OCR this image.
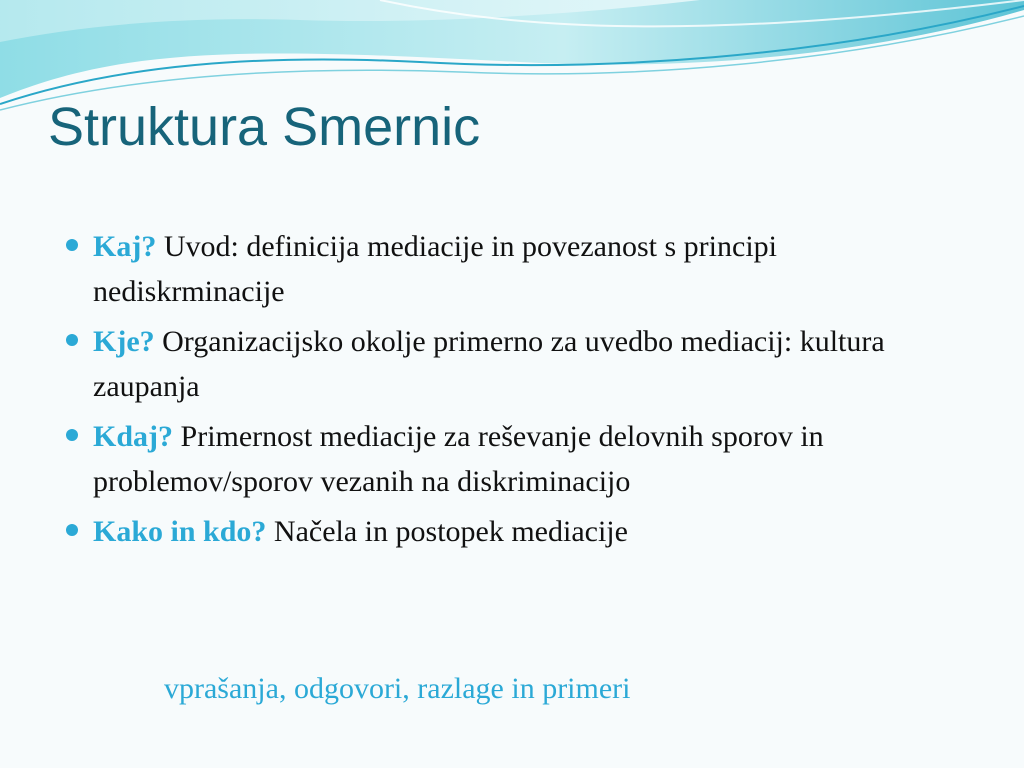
Struktura Smernic
Kaj? Uvod: definicija mediacije in povezanost s principi nediskrminacije
Kje? Organizacijsko okolje primerno za uvedbo mediacij: kultura zaupanja
Kdaj? Primernost mediacije za reševanje delovnih sporov in problemov/sporov vezanih na diskriminacijo
Kako in kdo? Načela in postopek mediacije
vprašanja, odgovori, razlage in primeri
